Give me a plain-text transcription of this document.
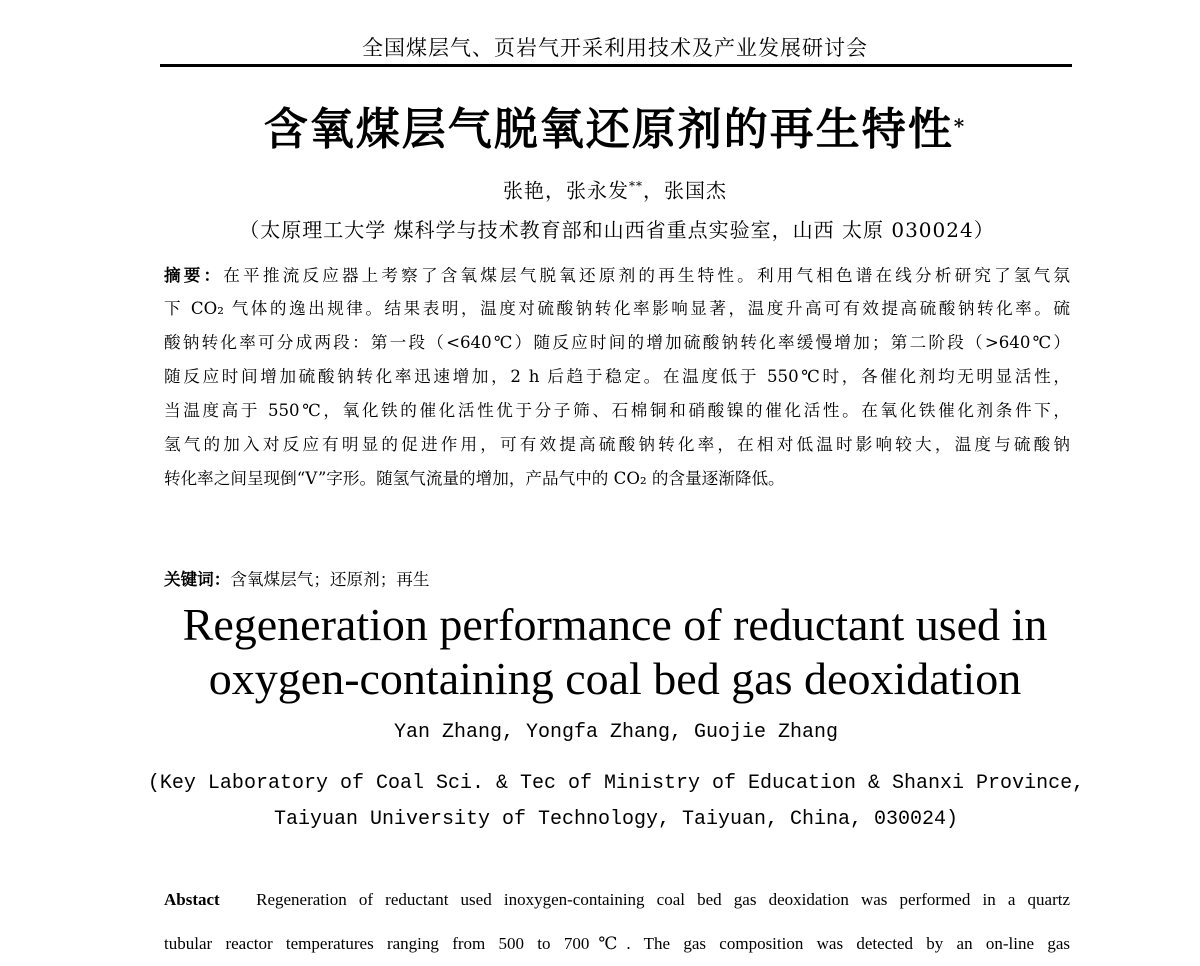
全国煤层气、页岩气开采利用技术及产业发展研讨会
含氧煤层气脱氧还原剂的再生特性*
张艳，张永发**，张国杰
（太原理工大学 煤科学与技术教育部和山西省重点实验室，山西 太原 030024）
摘要：在平推流反应器上考察了含氧煤层气脱氧还原剂的再生特性。利用气相色谱在线分析研究了氢气氛
下 CO₂ 气体的逸出规律。结果表明，温度对硫酸钠转化率影响显著，温度升高可有效提高硫酸钠转化率。硫
酸钠转化率可分成两段：第一段（<640℃）随反应时间的增加硫酸钠转化率缓慢增加；第二阶段（>640℃）
随反应时间增加硫酸钠转化率迅速增加，2 h 后趋于稳定。在温度低于 550℃时，各催化剂均无明显活性，
当温度高于 550℃，氧化铁的催化活性优于分子筛、石棉铜和硝酸镍的催化活性。在氧化铁催化剂条件下，
氢气的加入对反应有明显的促进作用，可有效提高硫酸钠转化率，在相对低温时影响较大，温度与硫酸钠
转化率之间呈现倒“V”字形。随氢气流量的增加，产品气中的 CO₂ 的含量逐渐降低。
关键词：含氧煤层气；还原剂；再生
Regeneration performance of reductant used in
oxygen-containing coal bed gas deoxidation
Yan Zhang, Yongfa Zhang, Guojie Zhang
(Key Laboratory of Coal Sci. & Tec of Ministry of Education & Shanxi Province,
Taiyuan University of Technology, Taiyuan, China, 030024)
Abstact Regeneration of reductant used inoxygen-containing coal bed gas deoxidation was performed in a quartz
tubular reactor temperatures ranging from 500 to 700℃. The gas composition was detected by an on-line gas
